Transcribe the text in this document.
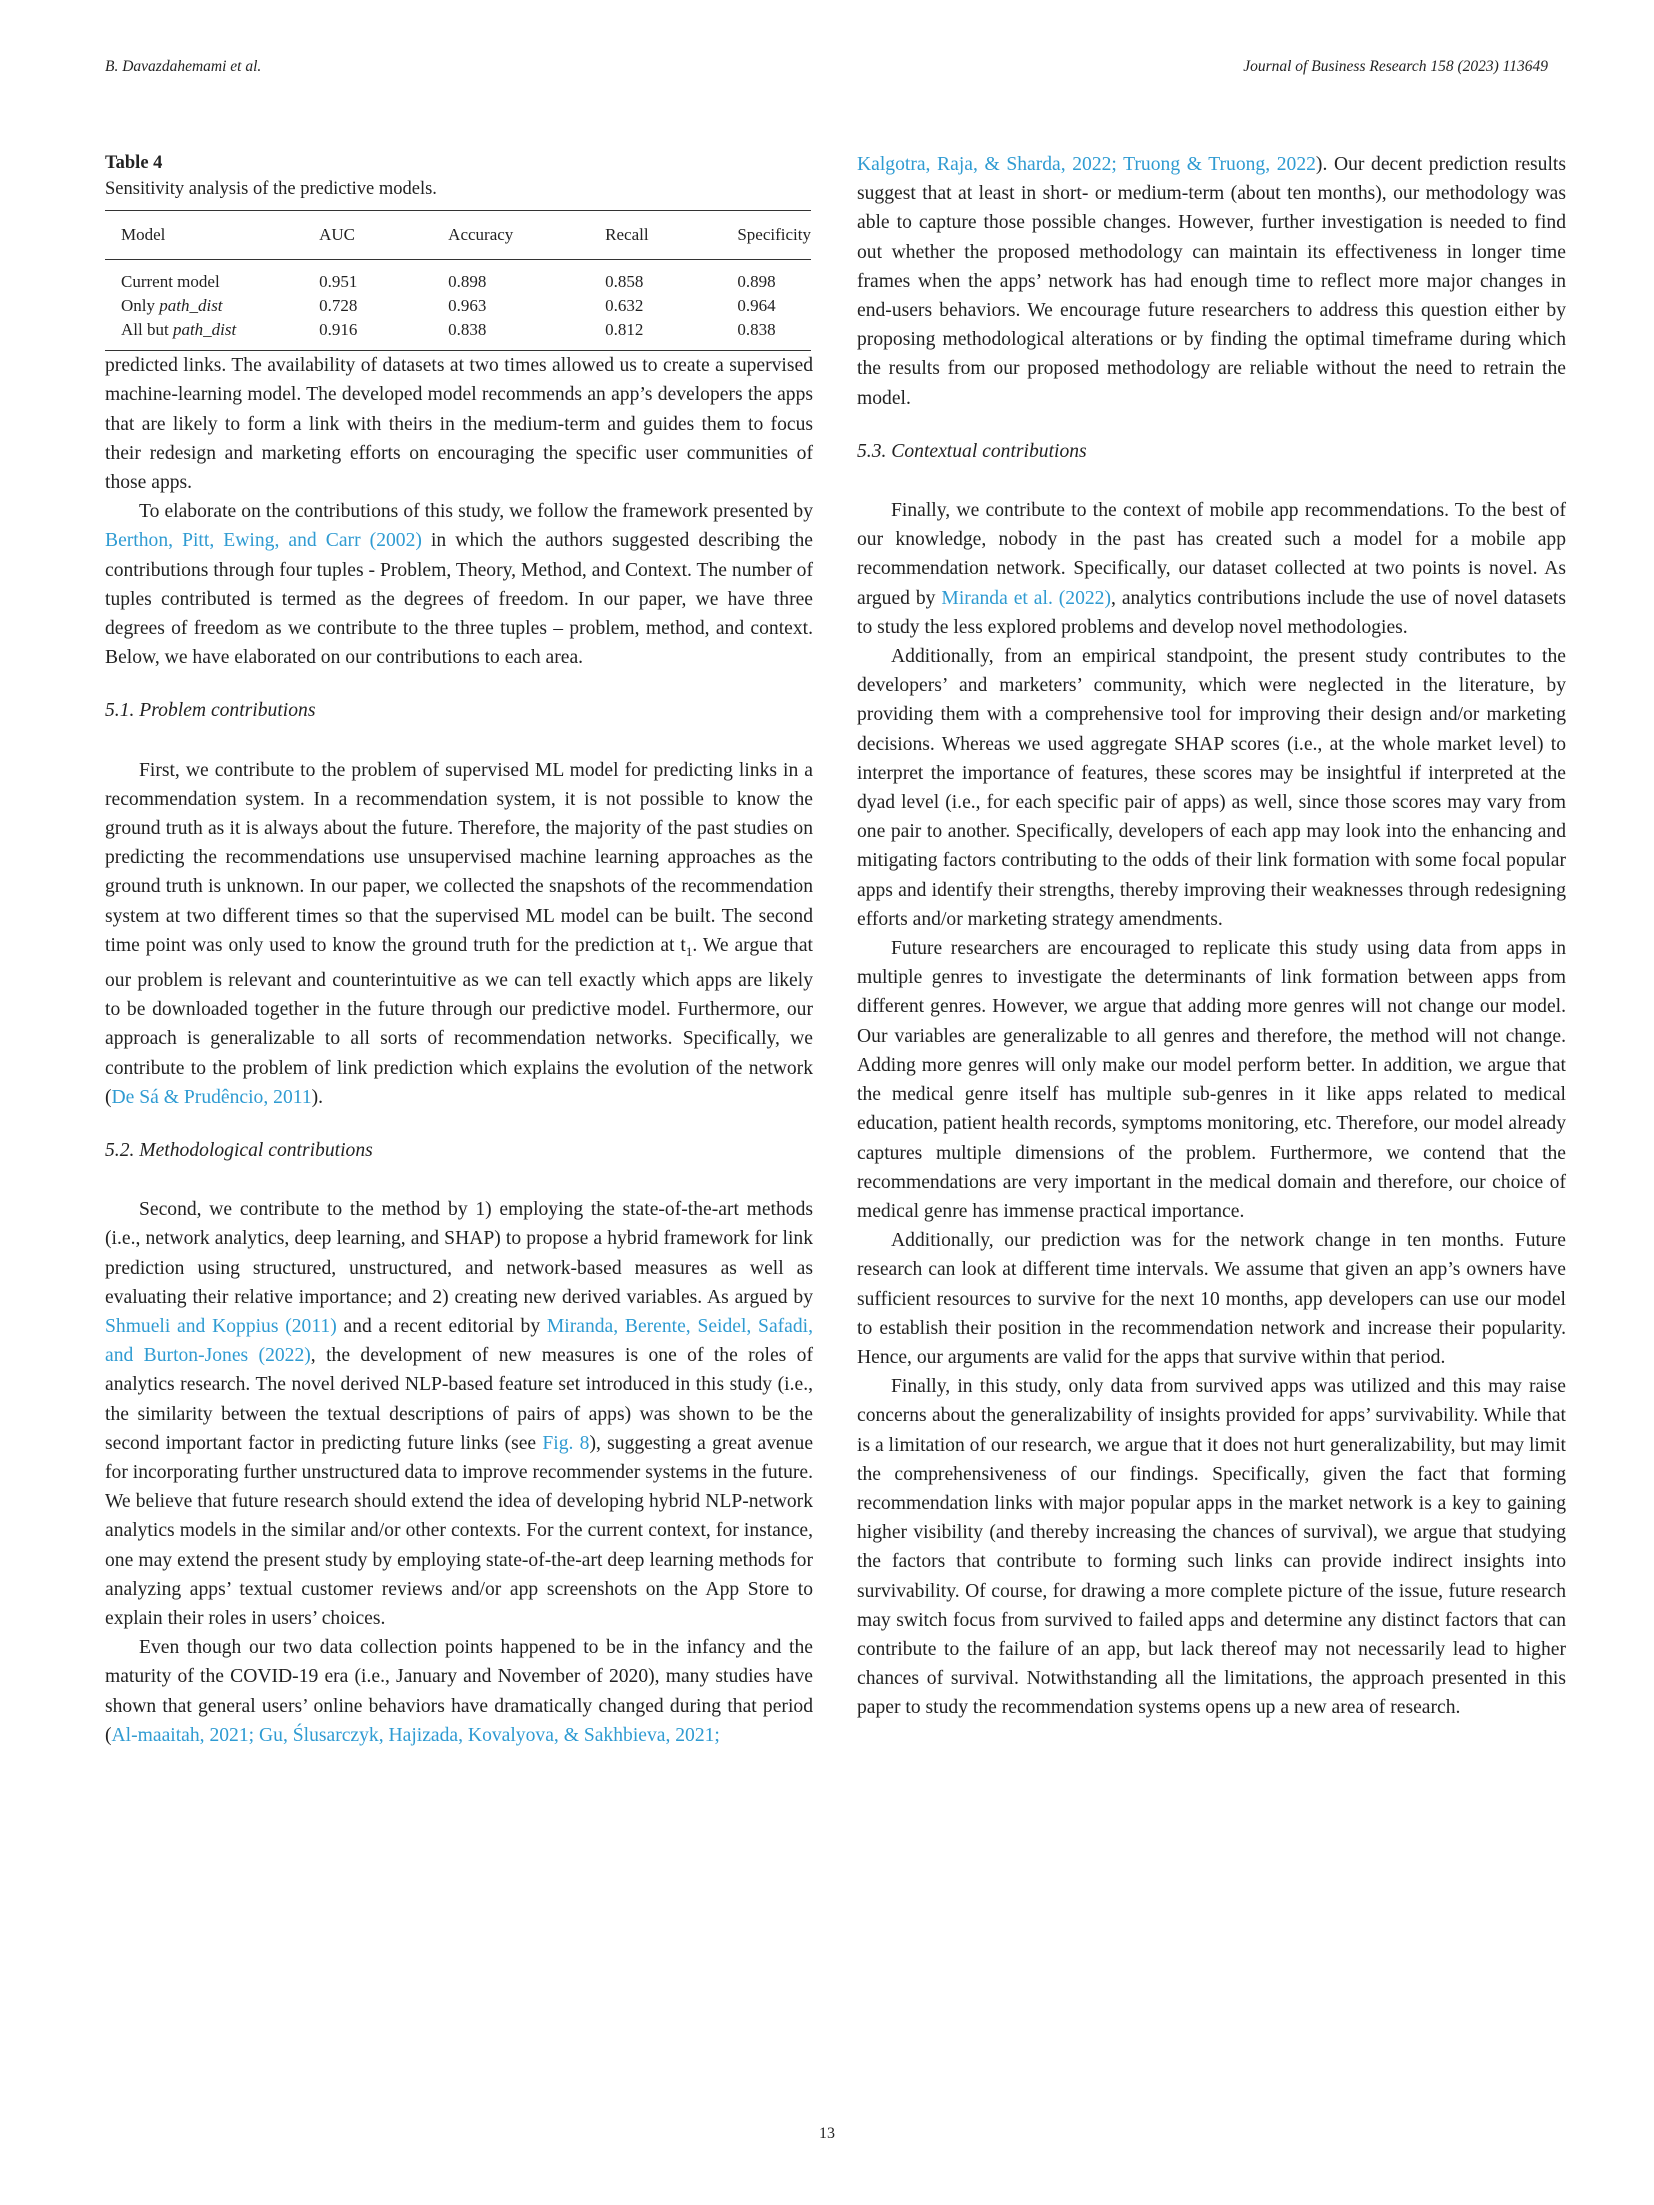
B. Davazdahemami et al.	Journal of Business Research 158 (2023) 113649
Table 4
Sensitivity analysis of the predictive models.
Model	AUC	Accuracy	Recall	Specificity
Current model	0.951	0.898	0.858	0.898
Only path_dist	0.728	0.963	0.632	0.964
All but path_dist	0.916	0.838	0.812	0.838

predicted links. The availability of datasets at two times allowed us to create a supervised machine-learning model. The developed model recommends an app’s developers the apps that are likely to form a link with theirs in the medium-term and guides them to focus their redesign and marketing efforts on encouraging the specific user communities of those apps.

To elaborate on the contributions of this study, we follow the framework presented by Berthon, Pitt, Ewing, and Carr (2002) in which the authors suggested describing the contributions through four tuples - Problem, Theory, Method, and Context. The number of tuples contributed is termed as the degrees of freedom. In our paper, we have three degrees of freedom as we contribute to the three tuples – problem, method, and context. Below, we have elaborated on our contributions to each area.

5.1. Problem contributions

First, we contribute to the problem of supervised ML model for predicting links in a recommendation system. In a recommendation system, it is not possible to know the ground truth as it is always about the future. Therefore, the majority of the past studies on predicting the recommendations use unsupervised machine learning approaches as the ground truth is unknown. In our paper, we collected the snapshots of the recommendation system at two different times so that the supervised ML model can be built. The second time point was only used to know the ground truth for the prediction at $t_1$. We argue that our problem is relevant and counterintuitive as we can tell exactly which apps are likely to be downloaded together in the future through our predictive model. Furthermore, our approach is generalizable to all sorts of recommendation networks. Specifically, we contribute to the problem of link prediction which explains the evolution of the network (De Sá & Prudêncio, 2011).

5.2. Methodological contributions

Second, we contribute to the method by 1) employing the state-of-the-art methods (i.e., network analytics, deep learning, and SHAP) to propose a hybrid framework for link prediction using structured, unstructured, and network-based measures as well as evaluating their relative importance; and 2) creating new derived variables. As argued by Shmueli and Koppius (2011) and a recent editorial by Miranda, Berente, Seidel, Safadi, and Burton-Jones (2022), the development of new measures is one of the roles of analytics research. The novel derived NLP-based feature set introduced in this study (i.e., the similarity between the textual descriptions of pairs of apps) was shown to be the second important factor in predicting future links (see Fig. 8), suggesting a great avenue for incorporating further unstructured data to improve recommender systems in the future. We believe that future research should extend the idea of developing hybrid NLP-network analytics models in the similar and/or other contexts. For the current context, for instance, one may extend the present study by employing state-of-the-art deep learning methods for analyzing apps’ textual customer reviews and/or app screenshots on the App Store to explain their roles in users’ choices.

Even though our two data collection points happened to be in the infancy and the maturity of the COVID-19 era (i.e., January and November of 2020), many studies have shown that general users’ online behaviors have dramatically changed during that period (Al-maaitah, 2021; Gu, Ślusarczyk, Hajizada, Kovalyova, & Sakhbieva, 2021;

Kalgotra, Raja, & Sharda, 2022; Truong & Truong, 2022). Our decent prediction results suggest that at least in short- or medium-term (about ten months), our methodology was able to capture those possible changes. However, further investigation is needed to find out whether the proposed methodology can maintain its effectiveness in longer time frames when the apps’ network has had enough time to reflect more major changes in end-users behaviors. We encourage future researchers to address this question either by proposing methodological alterations or by finding the optimal timeframe during which the results from our proposed methodology are reliable without the need to retrain the model.

5.3. Contextual contributions

Finally, we contribute to the context of mobile app recommendations. To the best of our knowledge, nobody in the past has created such a model for a mobile app recommendation network. Specifically, our dataset collected at two points is novel. As argued by Miranda et al. (2022), analytics contributions include the use of novel datasets to study the less explored problems and develop novel methodologies.

Additionally, from an empirical standpoint, the present study contributes to the developers’ and marketers’ community, which were neglected in the literature, by providing them with a comprehensive tool for improving their design and/or marketing decisions. Whereas we used aggregate SHAP scores (i.e., at the whole market level) to interpret the importance of features, these scores may be insightful if interpreted at the dyad level (i.e., for each specific pair of apps) as well, since those scores may vary from one pair to another. Specifically, developers of each app may look into the enhancing and mitigating factors contributing to the odds of their link formation with some focal popular apps and identify their strengths, thereby improving their weaknesses through redesigning efforts and/or marketing strategy amendments.

Future researchers are encouraged to replicate this study using data from apps in multiple genres to investigate the determinants of link formation between apps from different genres. However, we argue that adding more genres will not change our model. Our variables are generalizable to all genres and therefore, the method will not change. Adding more genres will only make our model perform better. In addition, we argue that the medical genre itself has multiple sub-genres in it like apps related to medical education, patient health records, symptoms monitoring, etc. Therefore, our model already captures multiple dimensions of the problem. Furthermore, we contend that the recommendations are very important in the medical domain and therefore, our choice of medical genre has immense practical importance.

Additionally, our prediction was for the network change in ten months. Future research can look at different time intervals. We assume that given an app’s owners have sufficient resources to survive for the next 10 months, app developers can use our model to establish their position in the recommendation network and increase their popularity. Hence, our arguments are valid for the apps that survive within that period.

Finally, in this study, only data from survived apps was utilized and this may raise concerns about the generalizability of insights provided for apps’ survivability. While that is a limitation of our research, we argue that it does not hurt generalizability, but may limit the comprehensiveness of our findings. Specifically, given the fact that forming recommendation links with major popular apps in the market network is a key to gaining higher visibility (and thereby increasing the chances of survival), we argue that studying the factors that contribute to forming such links can provide indirect insights into survivability. Of course, for drawing a more complete picture of the issue, future research may switch focus from survived to failed apps and determine any distinct factors that can contribute to the failure of an app, but lack thereof may not necessarily lead to higher chances of survival. Notwithstanding all the limitations, the approach presented in this paper to study the recommendation systems opens up a new area of research.

13
